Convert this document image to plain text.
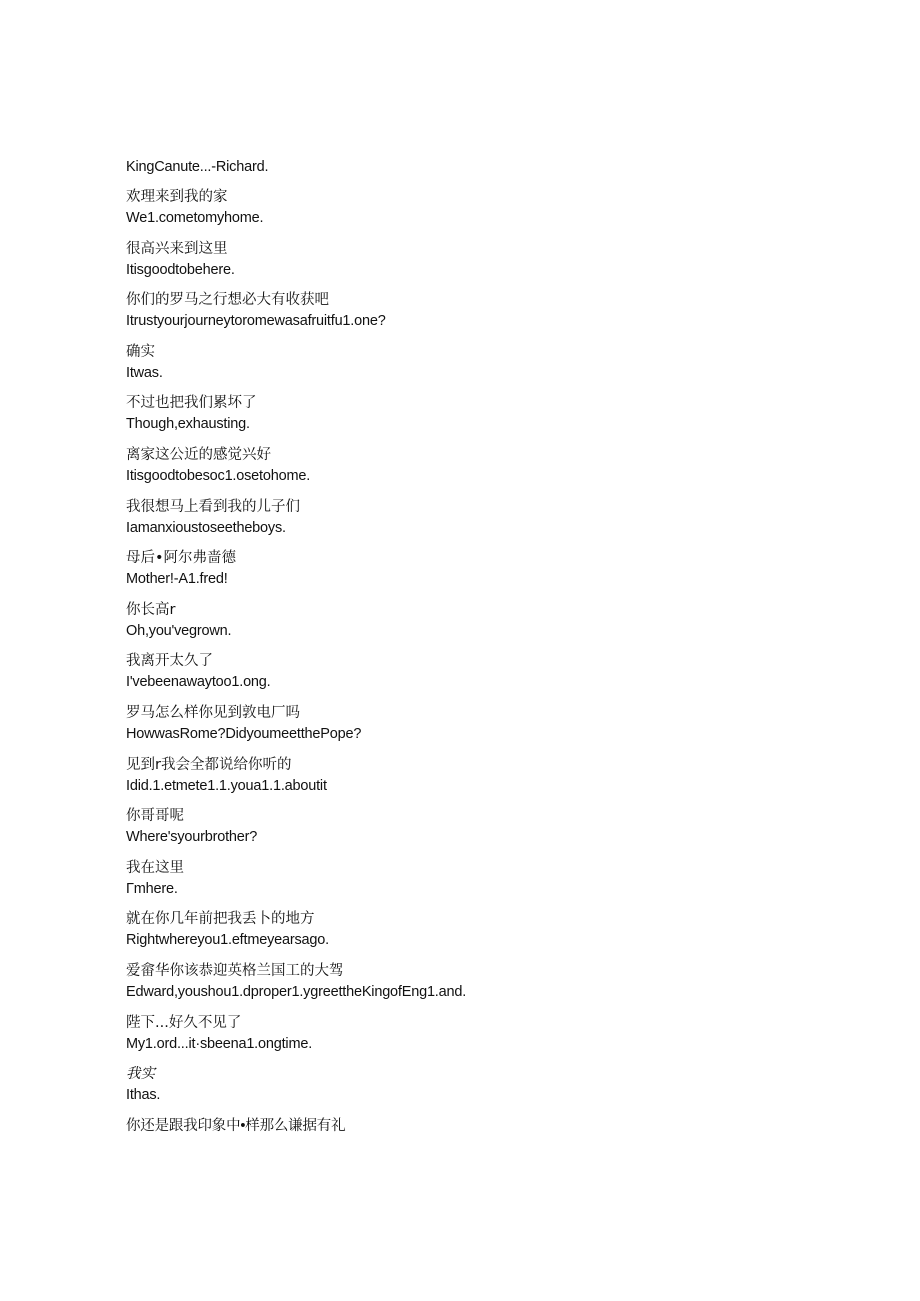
KingCanute...-Richard.
欢理来到我的家
We1.cometomyhome.
很高兴来到这里
Itisgoodtobehere.
你们的罗马之行想必大有收获吧
Itrustyourjourneytoromewasafruitfu1.one?
确实
Itwas.
不过也把我们累坏了
Though,exhausting.
离家这公近的感觉兴好
Itisgoodtobesoc1.osetohome.
我很想马上看到我的儿子们
Iamanxioustoseetheboys.
母后•阿尔弗啬德
Mother!-A1.fred!
你长高r
Oh,you'vegrown.
我离开太久了
I'vebeenawaytoo1.ong.
罗马怎么样你见到敦电厂吗
HowwasRome?DidyoumeetthePope?
见到r我会全都说给你听的
Idid.1.etmete1.1.youa1.1.aboutit
你哥哥呢
Where'syourbrother?
我在这里
Γmhere.
就在你几年前把我丢卜的地方
Rightwhereyou1.eftmeyearsago.
爱畲华你该恭迎英格兰国工的大驾
Edward,youshou1.dproper1.ygreettheKingofEng1.and.
陛下...好久不见了
My1.ord...it·sbeena1.ongtime.
我实
Ithas.
你还是跟我印象中•样那么谦据有礼
